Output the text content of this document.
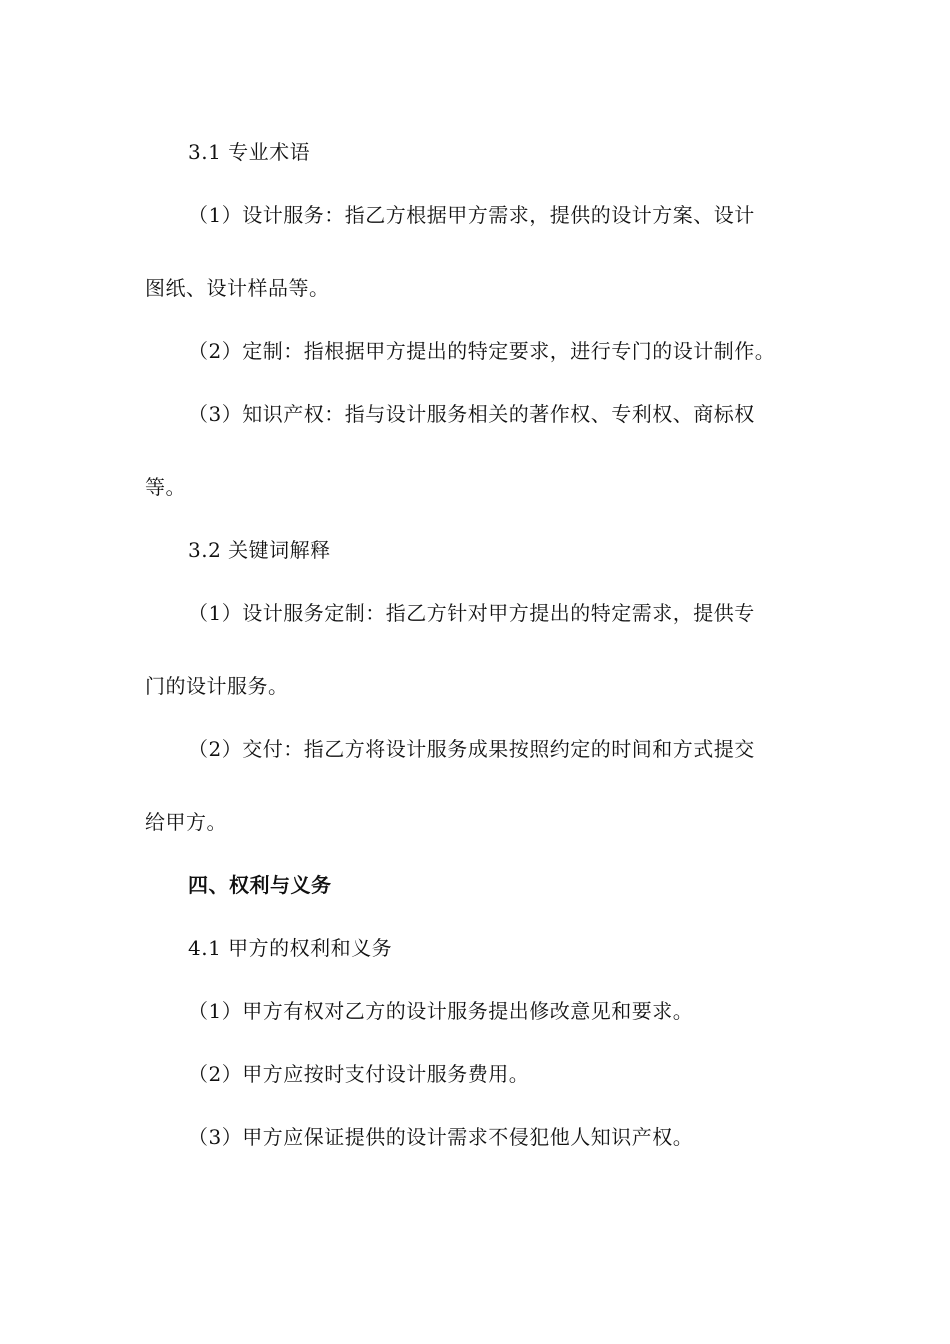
3.1 专业术语
（1）设计服务：指乙方根据甲方需求，提供的设计方案、设计
图纸、设计样品等。
（2）定制：指根据甲方提出的特定要求，进行专门的设计制作。
（3）知识产权：指与设计服务相关的著作权、专利权、商标权
等。
3.2 关键词解释
（1）设计服务定制：指乙方针对甲方提出的特定需求，提供专
门的设计服务。
（2）交付：指乙方将设计服务成果按照约定的时间和方式提交
给甲方。
四、权利与义务
4.1 甲方的权利和义务
（1）甲方有权对乙方的设计服务提出修改意见和要求。
（2）甲方应按时支付设计服务费用。
（3）甲方应保证提供的设计需求不侵犯他人知识产权。
